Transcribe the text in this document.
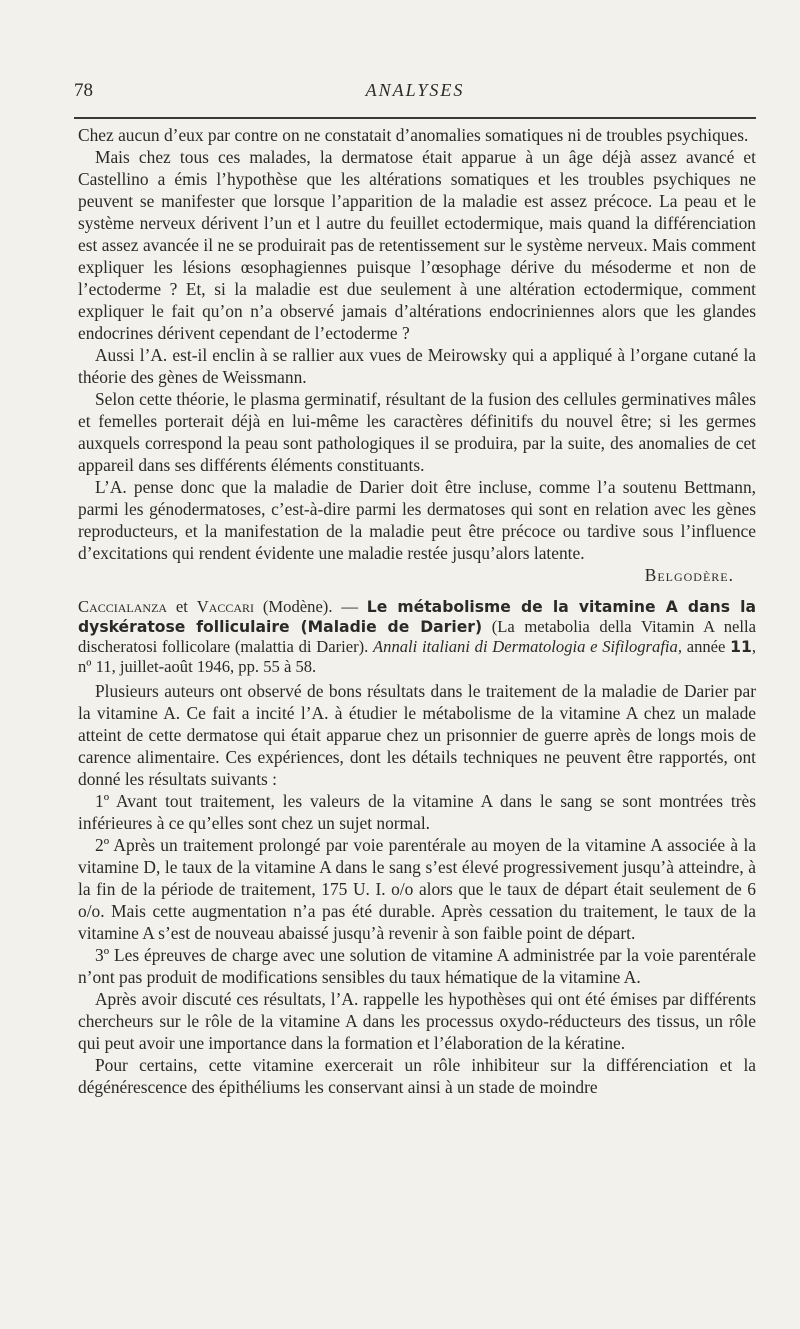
78	ANALYSES

Chez aucun d’eux par contre on ne constatait d’anomalies somatiques ni de troubles psychiques.

Mais chez tous ces malades, la dermatose était apparue à un âge déjà assez avancé et Castellino a émis l’hypothèse que les altérations somatiques et les troubles psychiques ne peuvent se manifester que lorsque l’apparition de la maladie est assez précoce. La peau et le système nerveux dérivent l’un et l autre du feuillet ectodermique, mais quand la différenciation est assez avancée il ne se produirait pas de retentissement sur le système nerveux. Mais comment expliquer les lésions œsophagiennes puisque l’œsophage dérive du mésoderme et non de l’ectoderme ? Et, si la maladie est due seulement à une altération ectodermique, comment expliquer le fait qu’on n’a observé jamais d’altérations endocriniennes alors que les glandes endocrines dérivent cependant de l’ectoderme ?

Aussi l’A. est-il enclin à se rallier aux vues de Meirowsky qui a appliqué à l’organe cutané la théorie des gènes de Weissmann.

Selon cette théorie, le plasma germinatif, résultant de la fusion des cellules germinatives mâles et femelles porterait déjà en lui-même les caractères définitifs du nouvel être; si les germes auxquels correspond la peau sont pathologiques il se produira, par la suite, des anomalies de cet appareil dans ses différents éléments constituants.

L’A. pense donc que la maladie de Darier doit être incluse, comme l’a soutenu Bettmann, parmi les génodermatoses, c’est-à-dire parmi les dermatoses qui sont en relation avec les gènes reproducteurs, et la manifestation de la maladie peut être précoce ou tardive sous l’influence d’excitations qui rendent évidente une maladie restée jusqu’alors latente.

Belgodère.

Caccialanza et Vaccari (Modène). — Le métabolisme de la vitamine A dans la dyskératose folliculaire (Maladie de Darier) (La metabolia della Vitamin A nella discheratosi follicolare (malattia di Darier). Annali italiani di Dermatologia e Sifilografia, année 11, nº 11, juillet-août 1946, pp. 55 à 58.

Plusieurs auteurs ont observé de bons résultats dans le traitement de la maladie de Darier par la vitamine A. Ce fait a incité l’A. à étudier le métabolisme de la vitamine A chez un malade atteint de cette dermatose qui était apparue chez un prisonnier de guerre après de longs mois de carence alimentaire. Ces expériences, dont les détails techniques ne peuvent être rapportés, ont donné les résultats suivants :

1º Avant tout traitement, les valeurs de la vitamine A dans le sang se sont montrées très inférieures à ce qu’elles sont chez un sujet normal.

2º Après un traitement prolongé par voie parentérale au moyen de la vitamine A associée à la vitamine D, le taux de la vitamine A dans le sang s’est élevé progressivement jusqu’à atteindre, à la fin de la période de traitement, 175 U. I. o/o alors que le taux de départ était seulement de 6 o/o. Mais cette augmentation n’a pas été durable. Après cessation du traitement, le taux de la vitamine A s’est de nouveau abaissé jusqu’à revenir à son faible point de départ.

3º Les épreuves de charge avec une solution de vitamine A administrée par la voie parentérale n’ont pas produit de modifications sensibles du taux hématique de la vitamine A.

Après avoir discuté ces résultats, l’A. rappelle les hypothèses qui ont été émises par différents chercheurs sur le rôle de la vitamine A dans les processus oxydo-réducteurs des tissus, un rôle qui peut avoir une importance dans la formation et l’élaboration de la kératine.

Pour certains, cette vitamine exercerait un rôle inhibiteur sur la différenciation et la dégénérescence des épithéliums les conservant ainsi à un stade de moindre
